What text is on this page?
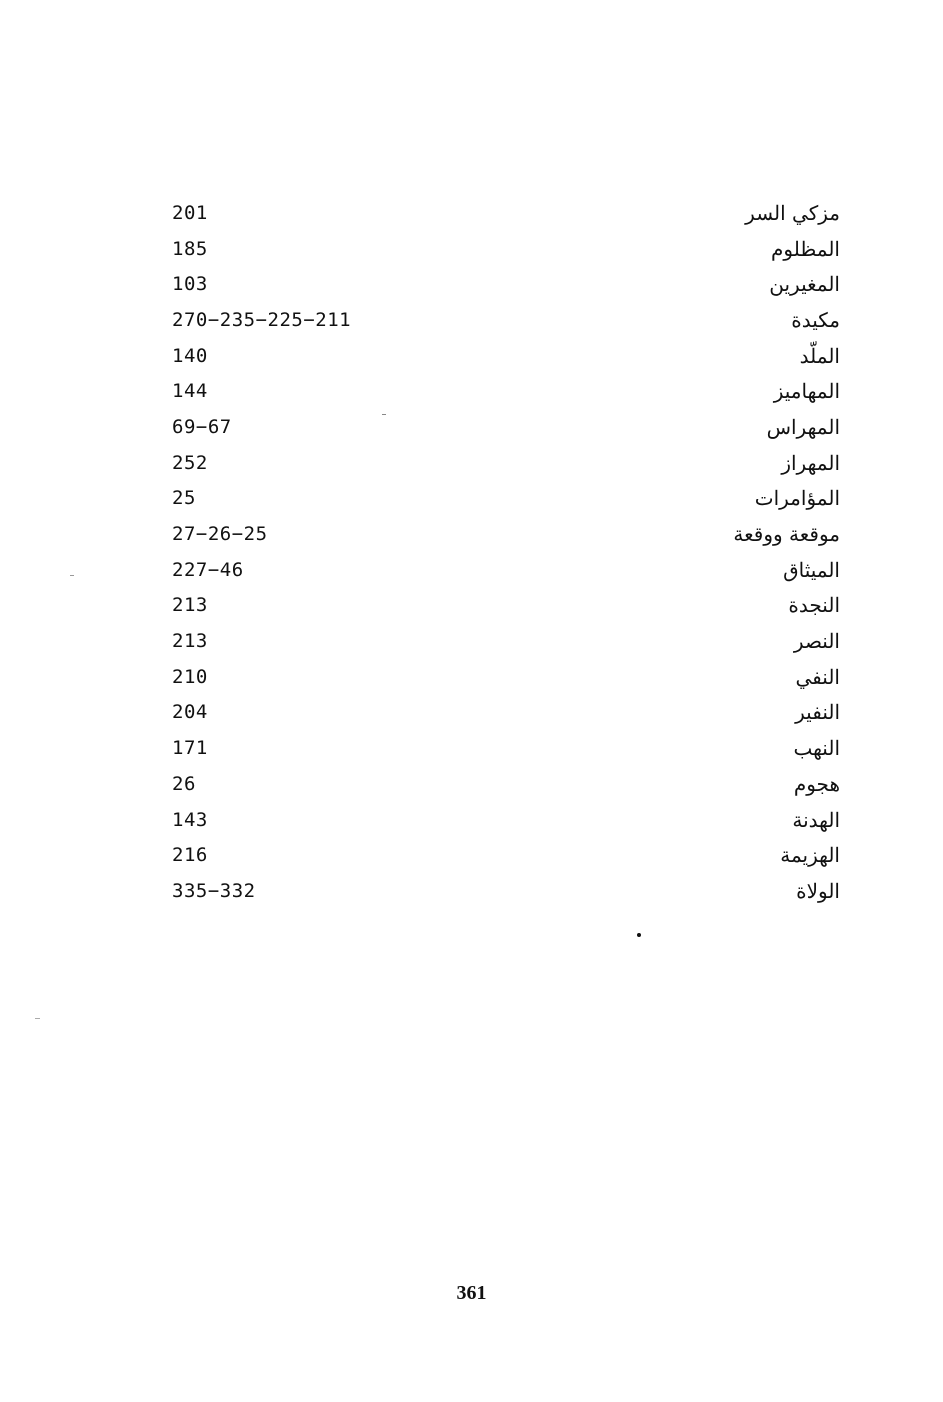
201	مزكي السر
185	المظلوم
103	المغيرين
270−235−225−211	مكيدة
140	الملّد
144	المهاميز
69−67	المهراس
252	المهراز
25	المؤامرات
27−26−25	موقعة ووقعة
227−46	الميثاق
213	النجدة
213	النصر
210	النفي
204	النفير
171	النهب
26	هجوم
143	الهدنة
216	الهزيمة
335−332	الولاة
361
